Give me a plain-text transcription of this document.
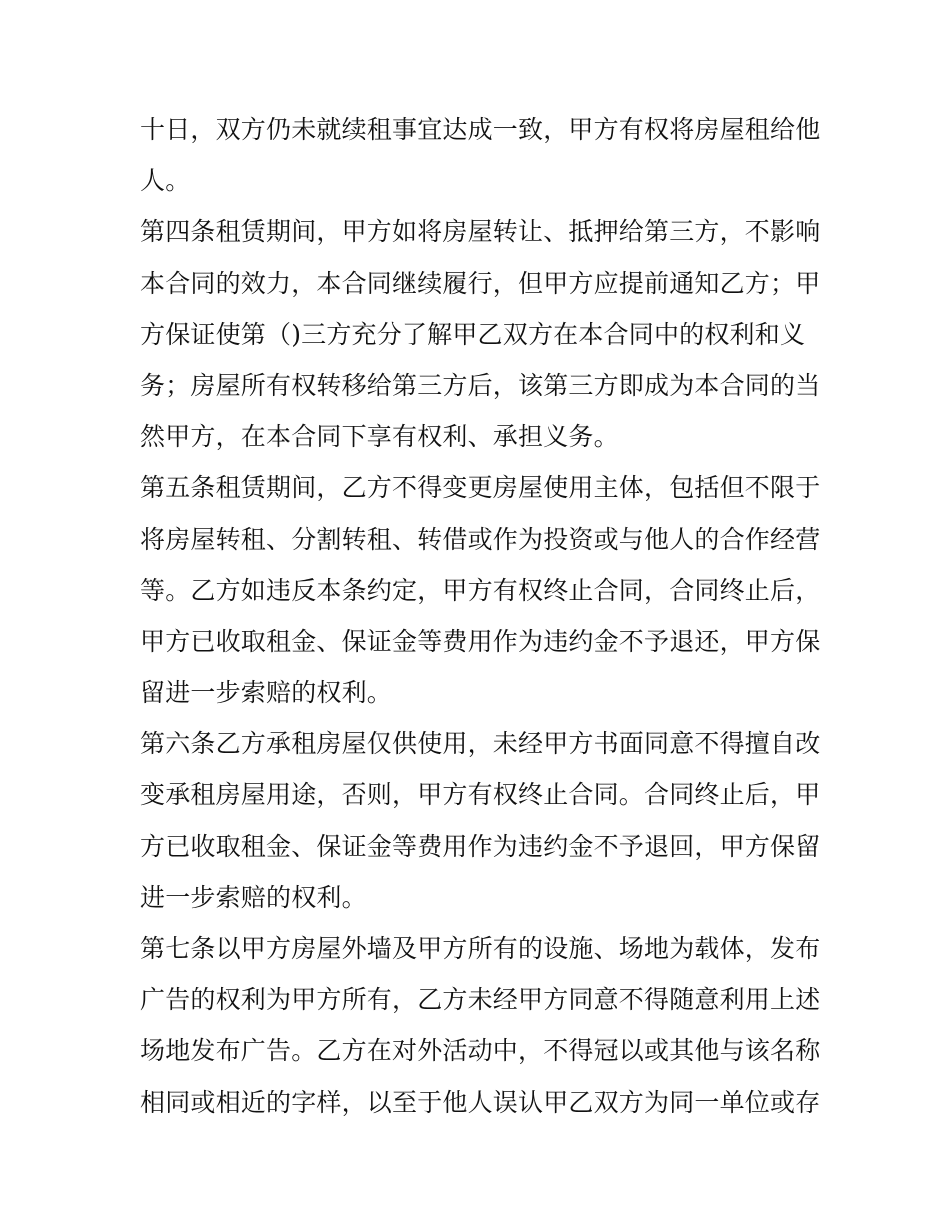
十日，双方仍未就续租事宜达成一致，甲方有权将房屋租给他
人。
第四条租赁期间，甲方如将房屋转让、抵押给第三方，不影响
本合同的效力，本合同继续履行，但甲方应提前通知乙方；甲
方保证使第（)三方充分了解甲乙双方在本合同中的权利和义
务；房屋所有权转移给第三方后，该第三方即成为本合同的当
然甲方，在本合同下享有权利、承担义务。
第五条租赁期间，乙方不得变更房屋使用主体，包括但不限于
将房屋转租、分割转租、转借或作为投资或与他人的合作经营
等。乙方如违反本条约定，甲方有权终止合同，合同终止后，
甲方已收取租金、保证金等费用作为违约金不予退还，甲方保
留进一步索赔的权利。
第六条乙方承租房屋仅供使用，未经甲方书面同意不得擅自改
变承租房屋用途，否则，甲方有权终止合同。合同终止后，甲
方已收取租金、保证金等费用作为违约金不予退回，甲方保留
进一步索赔的权利。
第七条以甲方房屋外墙及甲方所有的设施、场地为载体，发布
广告的权利为甲方所有，乙方未经甲方同意不得随意利用上述
场地发布广告。乙方在对外活动中，不得冠以或其他与该名称
相同或相近的字样，以至于他人误认甲乙双方为同一单位或存
